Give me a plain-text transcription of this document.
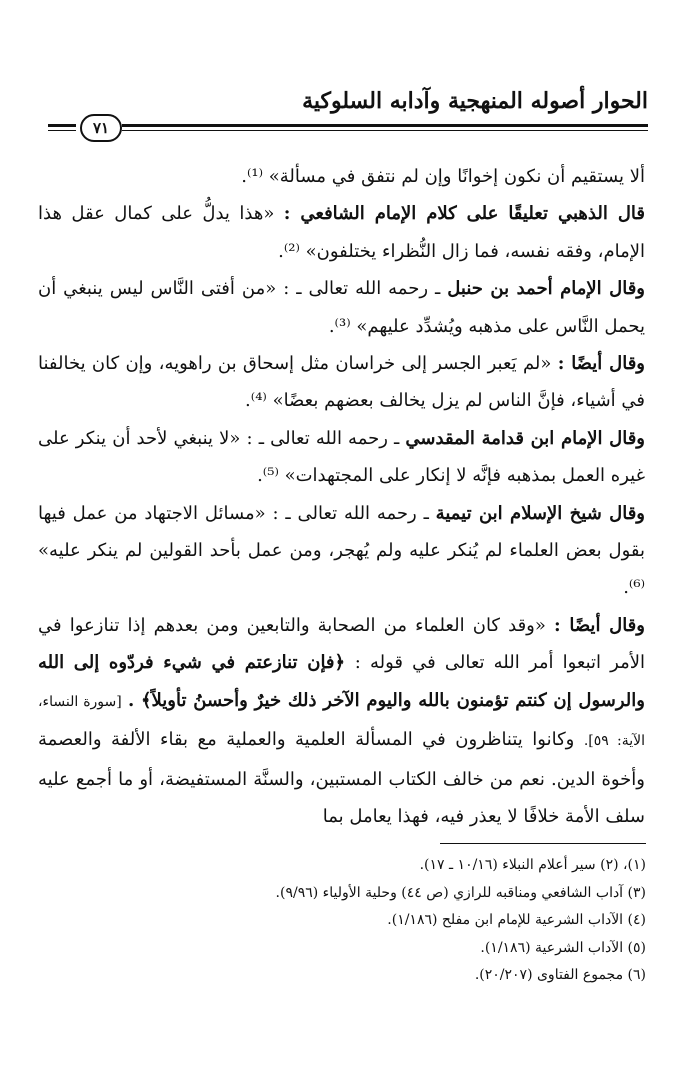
الحوار أصوله المنهجية وآدابه السلوكية
٧١

ألا يستقيم أن نكون إخوانًا وإن لم نتفق في مسألة» ⁽¹⁾.

قال الذهبي تعليقًا على كلام الإمام الشافعي : «هذا يدلُّ على كمال عقل هذا الإمام، وفقه نفسه، فما زال النُّظراء يختلفون» ⁽²⁾.

وقال الإمام أحمد بن حنبل ـ رحمه الله تعالى ـ : «من أفتى النَّاس ليس ينبغي أن يحمل النَّاس على مذهبه ويُشدِّد عليهم» ⁽³⁾.

وقال أيضًا : «لم يَعبر الجسر إلى خراسان مثل إسحاق بن راهويه، وإن كان يخالفنا في أشياء، فإنَّ الناس لم يزل يخالف بعضهم بعضًا» ⁽⁴⁾.

وقال الإمام ابن قدامة المقدسي ـ رحمه الله تعالى ـ : «لا ينبغي لأحد أن ينكر على غيره العمل بمذهبه فإنَّه لا إنكار على المجتهدات» ⁽⁵⁾.

وقال شيخ الإسلام ابن تيمية ـ رحمه الله تعالى ـ : «مسائل الاجتهاد من عمل فيها بقول بعض العلماء لم يُنكر عليه ولم يُهجر، ومن عمل بأحد القولين لم ينكر عليه» ⁽⁶⁾.

وقال أيضًا : «وقد كان العلماء من الصحابة والتابعين ومن بعدهم إذا تنازعوا في الأمر اتبعوا أمر الله تعالى في قوله : ﴿فإن تنازعتم في شيء فردّوه إلى الله والرسول إن كنتم تؤمنون بالله واليوم الآخر ذلك خيرٌ وأحسنُ تأويلاً﴾ . [سورة النساء، الآية: ٥٩]. وكانوا يتناظرون في المسألة العلمية والعملية مع بقاء الألفة والعصمة وأخوة الدين. نعم من خالف الكتاب المستبين، والسنَّة المستفيضة، أو ما أجمع عليه سلف الأمة خلافًا لا يعذر فيه، فهذا يعامل بما

(١)، (٢) سير أعلام النبلاء (١٠/١٦ ـ ١٧).
(٣) آداب الشافعي ومناقبه للرازي (ص ٤٤) وحلية الأولياء (٩/٩٦).
(٤) الآداب الشرعية للإمام ابن مفلح (١/١٨٦).
(٥) الآداب الشرعية (١/١٨٦).
(٦) مجموع الفتاوى (٢٠/٢٠٧).
